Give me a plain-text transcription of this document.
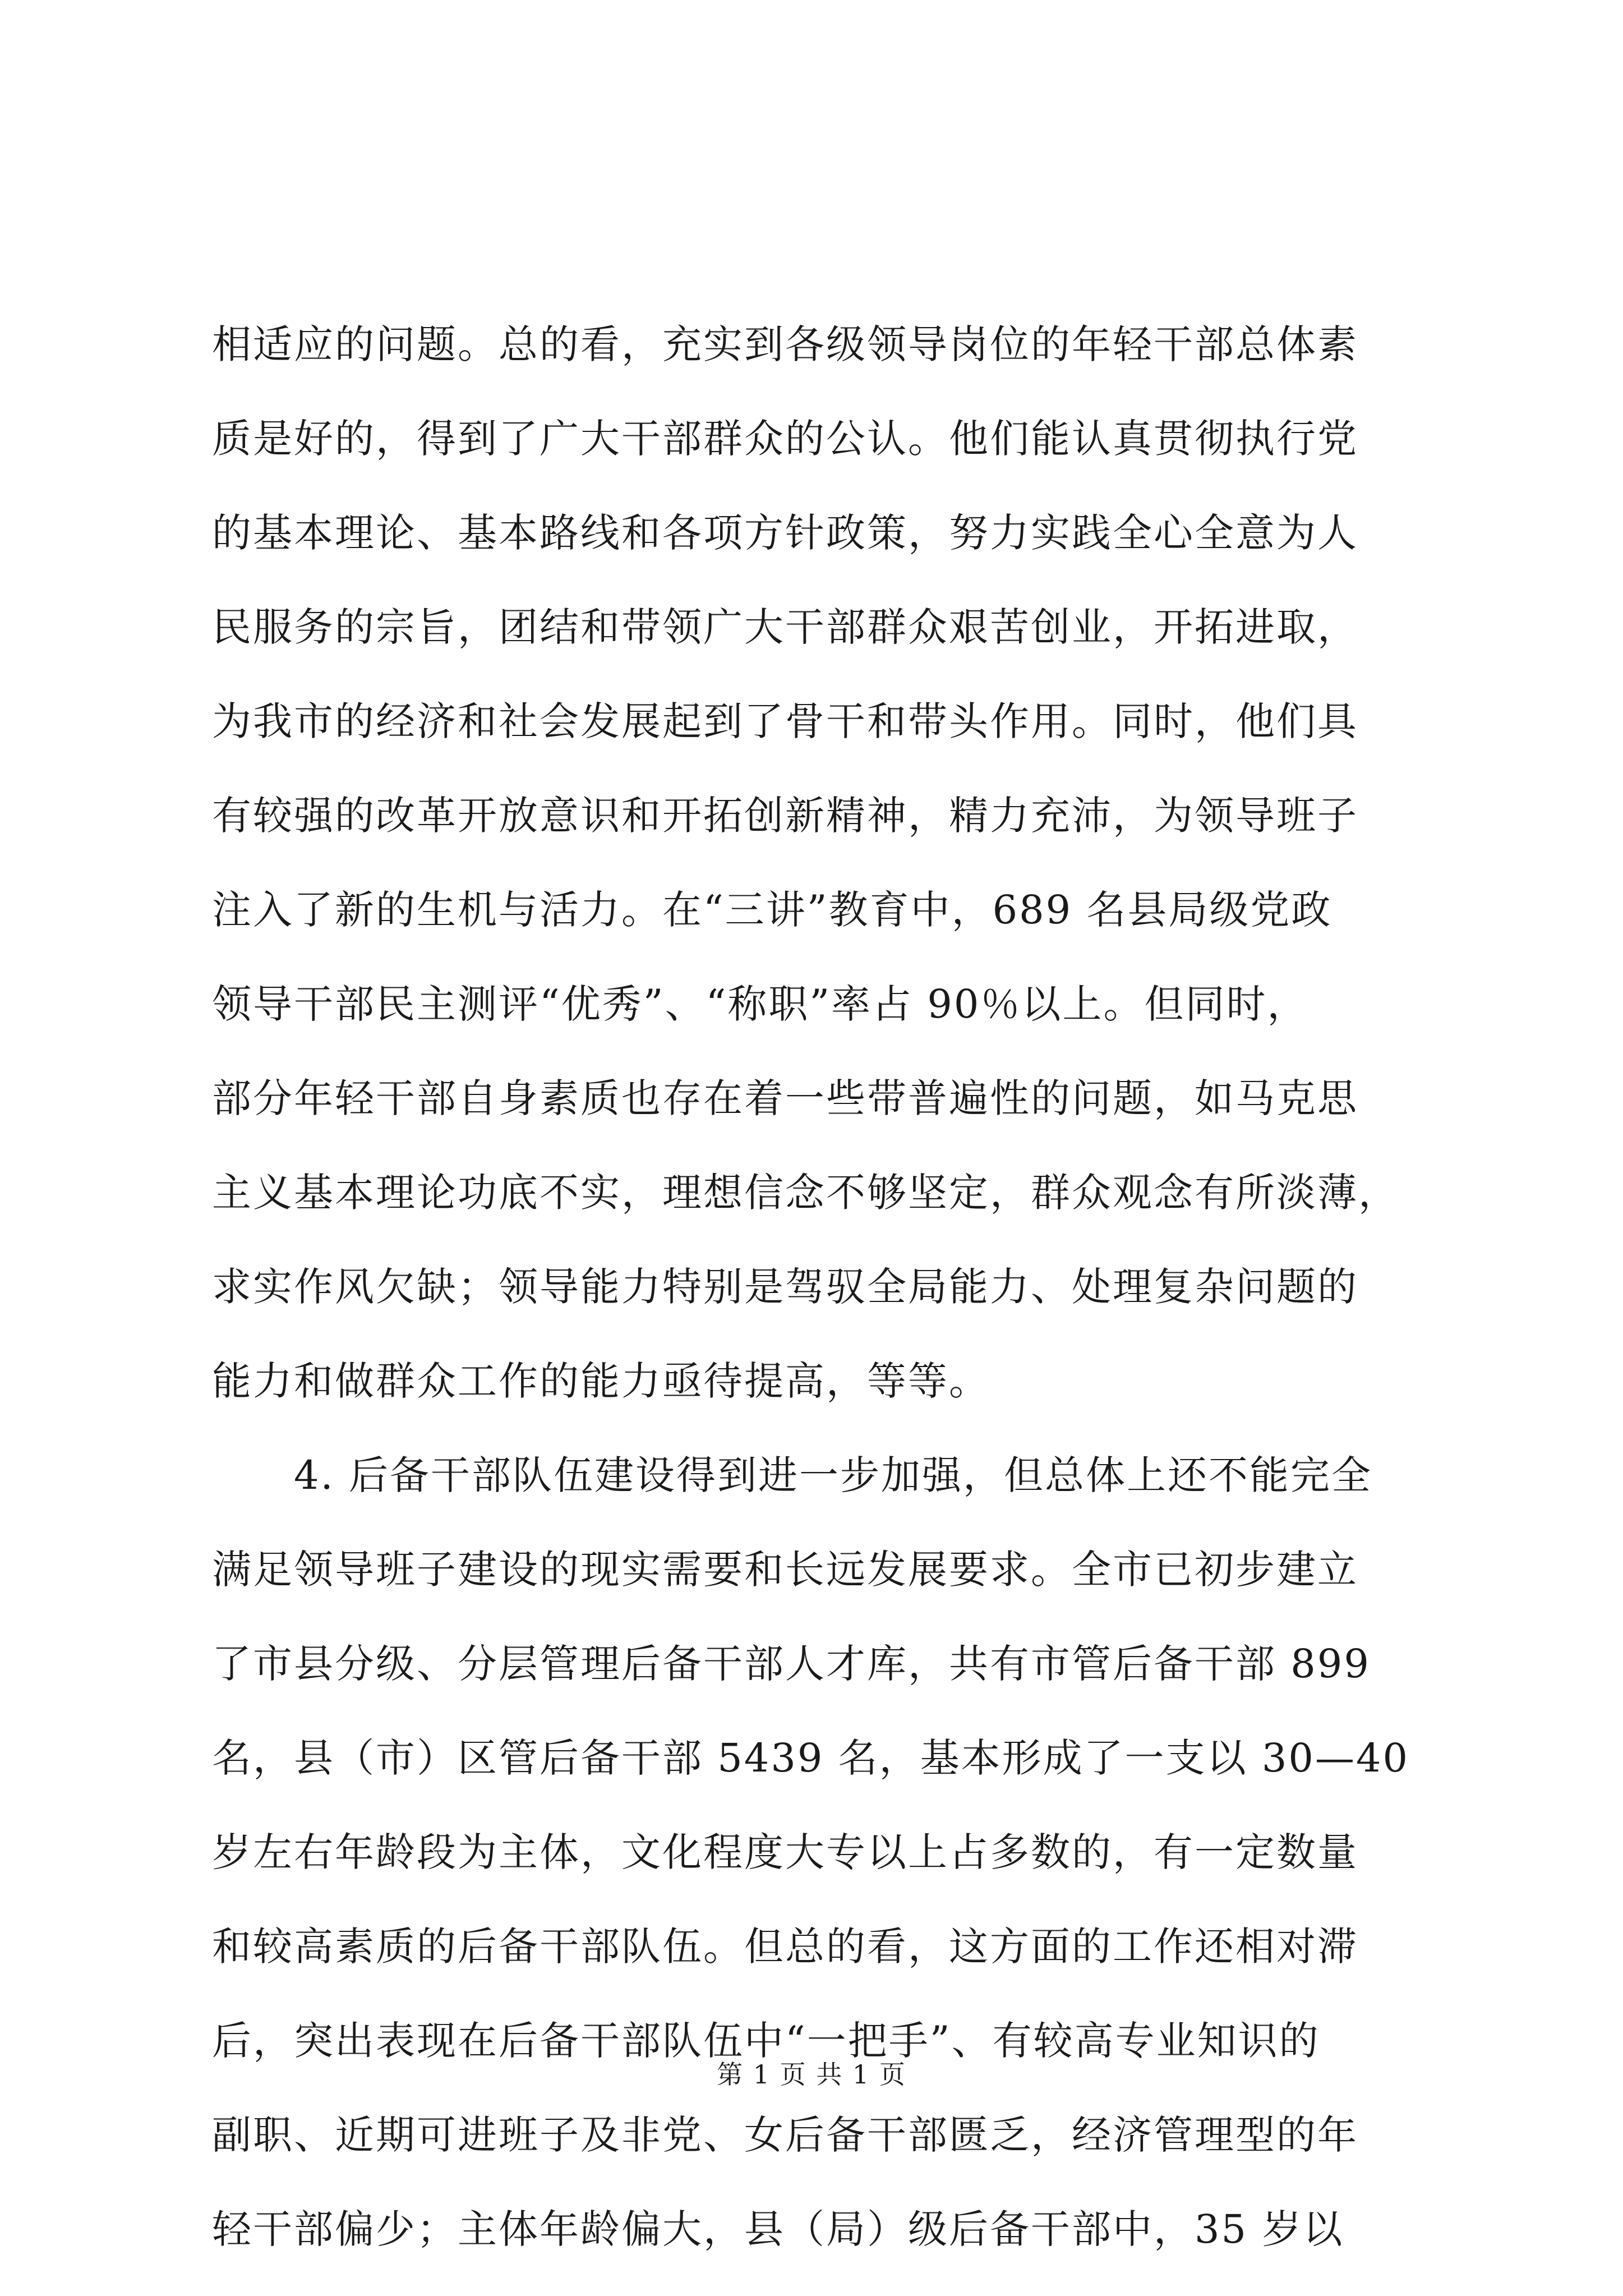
相适应的问题。总的看，充实到各级领导岗位的年轻干部总体素
质是好的，得到了广大干部群众的公认。他们能认真贯彻执行党
的基本理论、基本路线和各项方针政策，努力实践全心全意为人
民服务的宗旨，团结和带领广大干部群众艰苦创业，开拓进取，
为我市的经济和社会发展起到了骨干和带头作用。同时，他们具
有较强的改革开放意识和开拓创新精神，精力充沛，为领导班子
注入了新的生机与活力。在“三讲”教育中，689 名县局级党政
领导干部民主测评“优秀”、“称职”率占 90％以上。但同时，
部分年轻干部自身素质也存在着一些带普遍性的问题，如马克思
主义基本理论功底不实，理想信念不够坚定，群众观念有所淡薄，
求实作风欠缺；领导能力特别是驾驭全局能力、处理复杂问题的
能力和做群众工作的能力亟待提高，等等。
　　4. 后备干部队伍建设得到进一步加强，但总体上还不能完全
满足领导班子建设的现实需要和长远发展要求。全市已初步建立
了市县分级、分层管理后备干部人才库，共有市管后备干部 899
名，县（市）区管后备干部 5439 名，基本形成了一支以 30—40
岁左右年龄段为主体，文化程度大专以上占多数的，有一定数量
和较高素质的后备干部队伍。但总的看，这方面的工作还相对滞
后，突出表现在后备干部队伍中“一把手”、有较高专业知识的
副职、近期可进班子及非党、女后备干部匮乏，经济管理型的年
轻干部偏少；主体年龄偏大，县（局）级后备干部中，35 岁以
第 1 页 共 1 页
